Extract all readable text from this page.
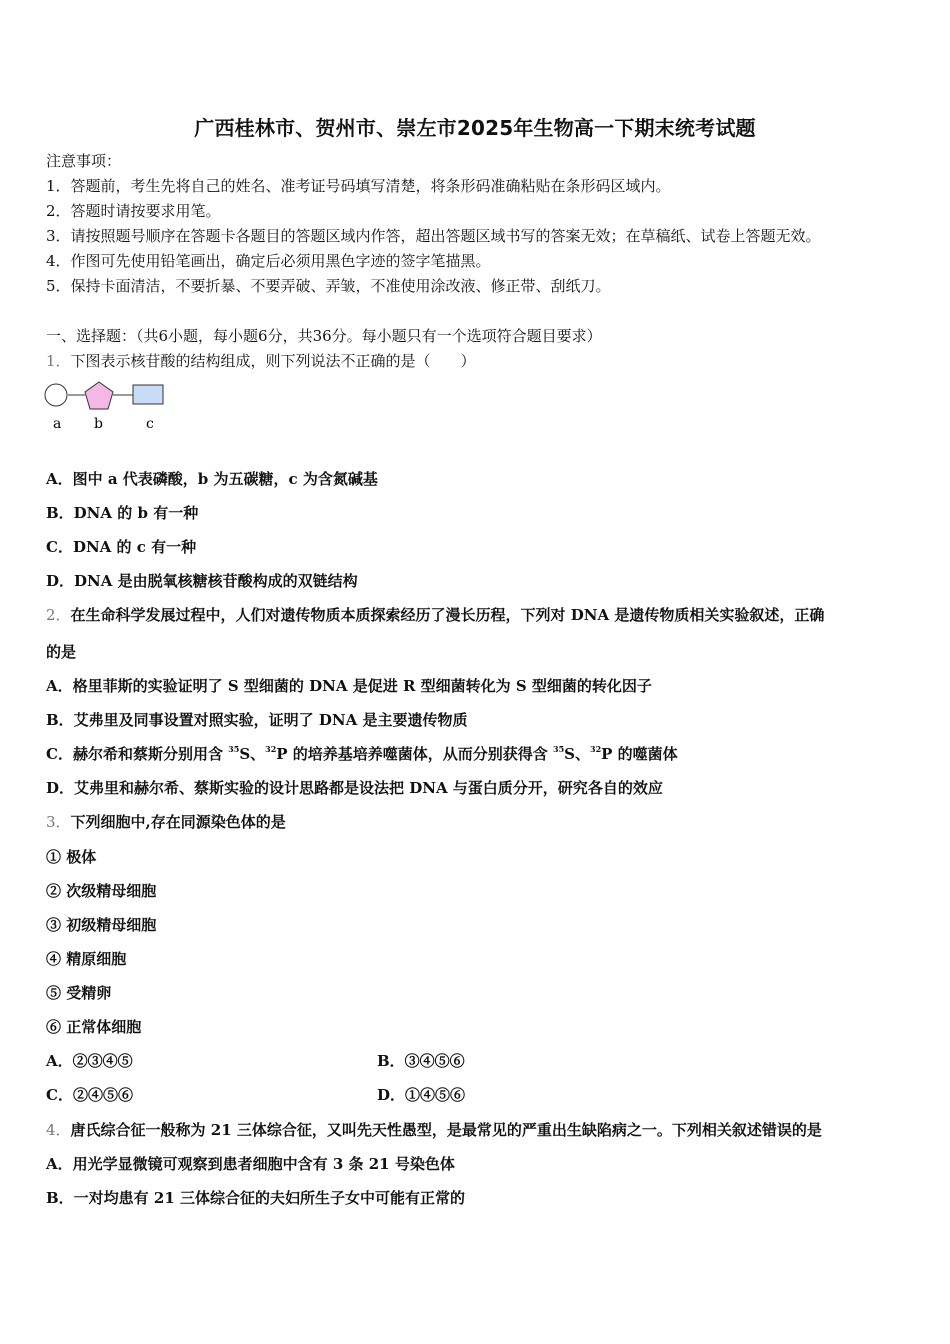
广西桂林市、贺州市、崇左市2025年生物高一下期末统考试题
注意事项：
1．答题前，考生先将自己的姓名、准考证号码填写清楚，将条形码准确粘贴在条形码区域内。
2．答题时请按要求用笔。
3．请按照题号顺序在答题卡各题目的答题区域内作答，超出答题区域书写的答案无效；在草稿纸、试卷上答题无效。
4．作图可先使用铅笔画出，确定后必须用黑色字迹的签字笔描黑。
5．保持卡面清洁，不要折暴、不要弄破、弄皱，不准使用涂改液、修正带、刮纸刀。
一、选择题：（共6小题，每小题6分，共36分。每小题只有一个选项符合题目要求）
1．下图表示核苷酸的结构组成，则下列说法不正确的是（　　）
a b	c
A．图中 a 代表磷酸，b 为五碳糖，c 为含氮碱基
B．DNA 的 b 有一种
C．DNA 的 c 有一种
D．DNA 是由脱氧核糖核苷酸构成的双链结构
2．在生命科学发展过程中，人们对遗传物质本质探索经历了漫长历程，下列对 DNA 是遗传物质相关实验叙述，正确
的是
A．格里菲斯的实验证明了 S 型细菌的 DNA 是促进 R 型细菌转化为 S 型细菌的转化因子
B．艾弗里及同事设置对照实验，证明了 DNA 是主要遗传物质
C．赫尔希和蔡斯分别用含 $^{35}$S、$^{32}$P 的培养基培养噬菌体，从而分别获得含 $^{35}$S、$^{32}$P 的噬菌体
D．艾弗里和赫尔希、蔡斯实验的设计思路都是设法把 DNA 与蛋白质分开，研究各自的效应
3．下列细胞中,存在同源染色体的是
① 极体
② 次级精母细胞
③ 初级精母细胞
④ 精原细胞
⑤ 受精卵
⑥ 正常体细胞
A．②③④⑤	B．③④⑤⑥
C．②④⑤⑥	D．①④⑤⑥
4．唐氏综合征一般称为 21 三体综合征，又叫先天性愚型，是最常见的严重出生缺陷病之一。下列相关叙述错误的是
A．用光学显微镜可观察到患者细胞中含有 3 条 21 号染色体
B．一对均患有 21 三体综合征的夫妇所生子女中可能有正常的
